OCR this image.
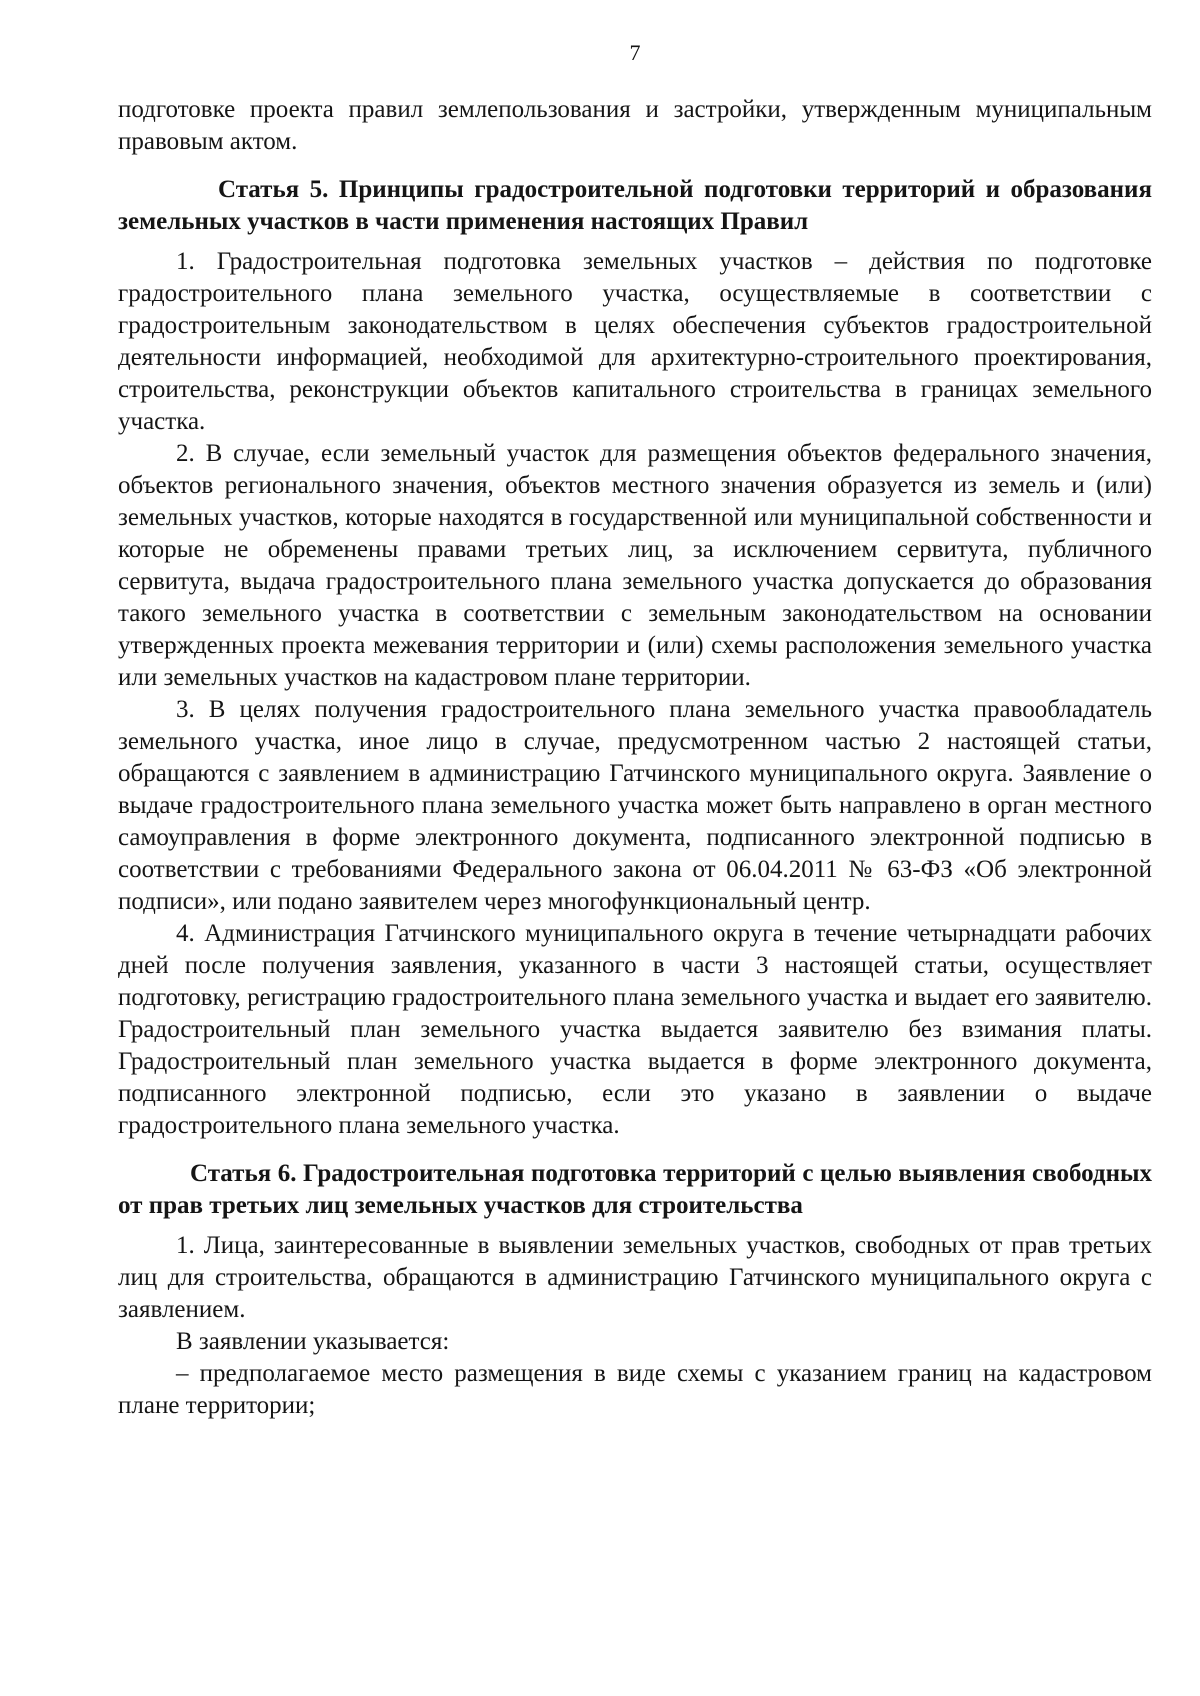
7

подготовке проекта правил землепользования и застройки, утвержденным муниципальным правовым актом.

Статья 5. Принципы градостроительной подготовки территорий и образования земельных участков в части применения настоящих Правил

1. Градостроительная подготовка земельных участков – действия по подготовке градостроительного плана земельного участка, осуществляемые в соответствии с градостроительным законодательством в целях обеспечения субъектов градостроительной деятельности информацией, необходимой для архитектурно-строительного проектирования, строительства, реконструкции объектов капитального строительства в границах земельного участка.

2. В случае, если земельный участок для размещения объектов федерального значения, объектов регионального значения, объектов местного значения образуется из земель и (или) земельных участков, которые находятся в государственной или муниципальной собственности и которые не обременены правами третьих лиц, за исключением сервитута, публичного сервитута, выдача градостроительного плана земельного участка допускается до образования такого земельного участка в соответствии с земельным законодательством на основании утвержденных проекта межевания территории и (или) схемы расположения земельного участка или земельных участков на кадастровом плане территории.

3. В целях получения градостроительного плана земельного участка правообладатель земельного участка, иное лицо в случае, предусмотренном частью 2 настоящей статьи, обращаются с заявлением в администрацию Гатчинского муниципального округа. Заявление о выдаче градостроительного плана земельного участка может быть направлено в орган местного самоуправления в форме электронного документа, подписанного электронной подписью в соответствии с требованиями Федерального закона от 06.04.2011 № 63-ФЗ «Об электронной подписи», или подано заявителем через многофункциональный центр.

4. Администрация Гатчинского муниципального округа в течение четырнадцати рабочих дней после получения заявления, указанного в части 3 настоящей статьи, осуществляет подготовку, регистрацию градостроительного плана земельного участка и выдает его заявителю. Градостроительный план земельного участка выдается заявителю без взимания платы. Градостроительный план земельного участка выдается в форме электронного документа, подписанного электронной подписью, если это указано в заявлении о выдаче градостроительного плана земельного участка.

Статья 6. Градостроительная подготовка территорий с целью выявления свободных от прав третьих лиц земельных участков для строительства

1. Лица, заинтересованные в выявлении земельных участков, свободных от прав третьих лиц для строительства, обращаются в администрацию Гатчинского муниципального округа с заявлением.

В заявлении указывается:

– предполагаемое место размещения в виде схемы с указанием границ на кадастровом плане территории;
